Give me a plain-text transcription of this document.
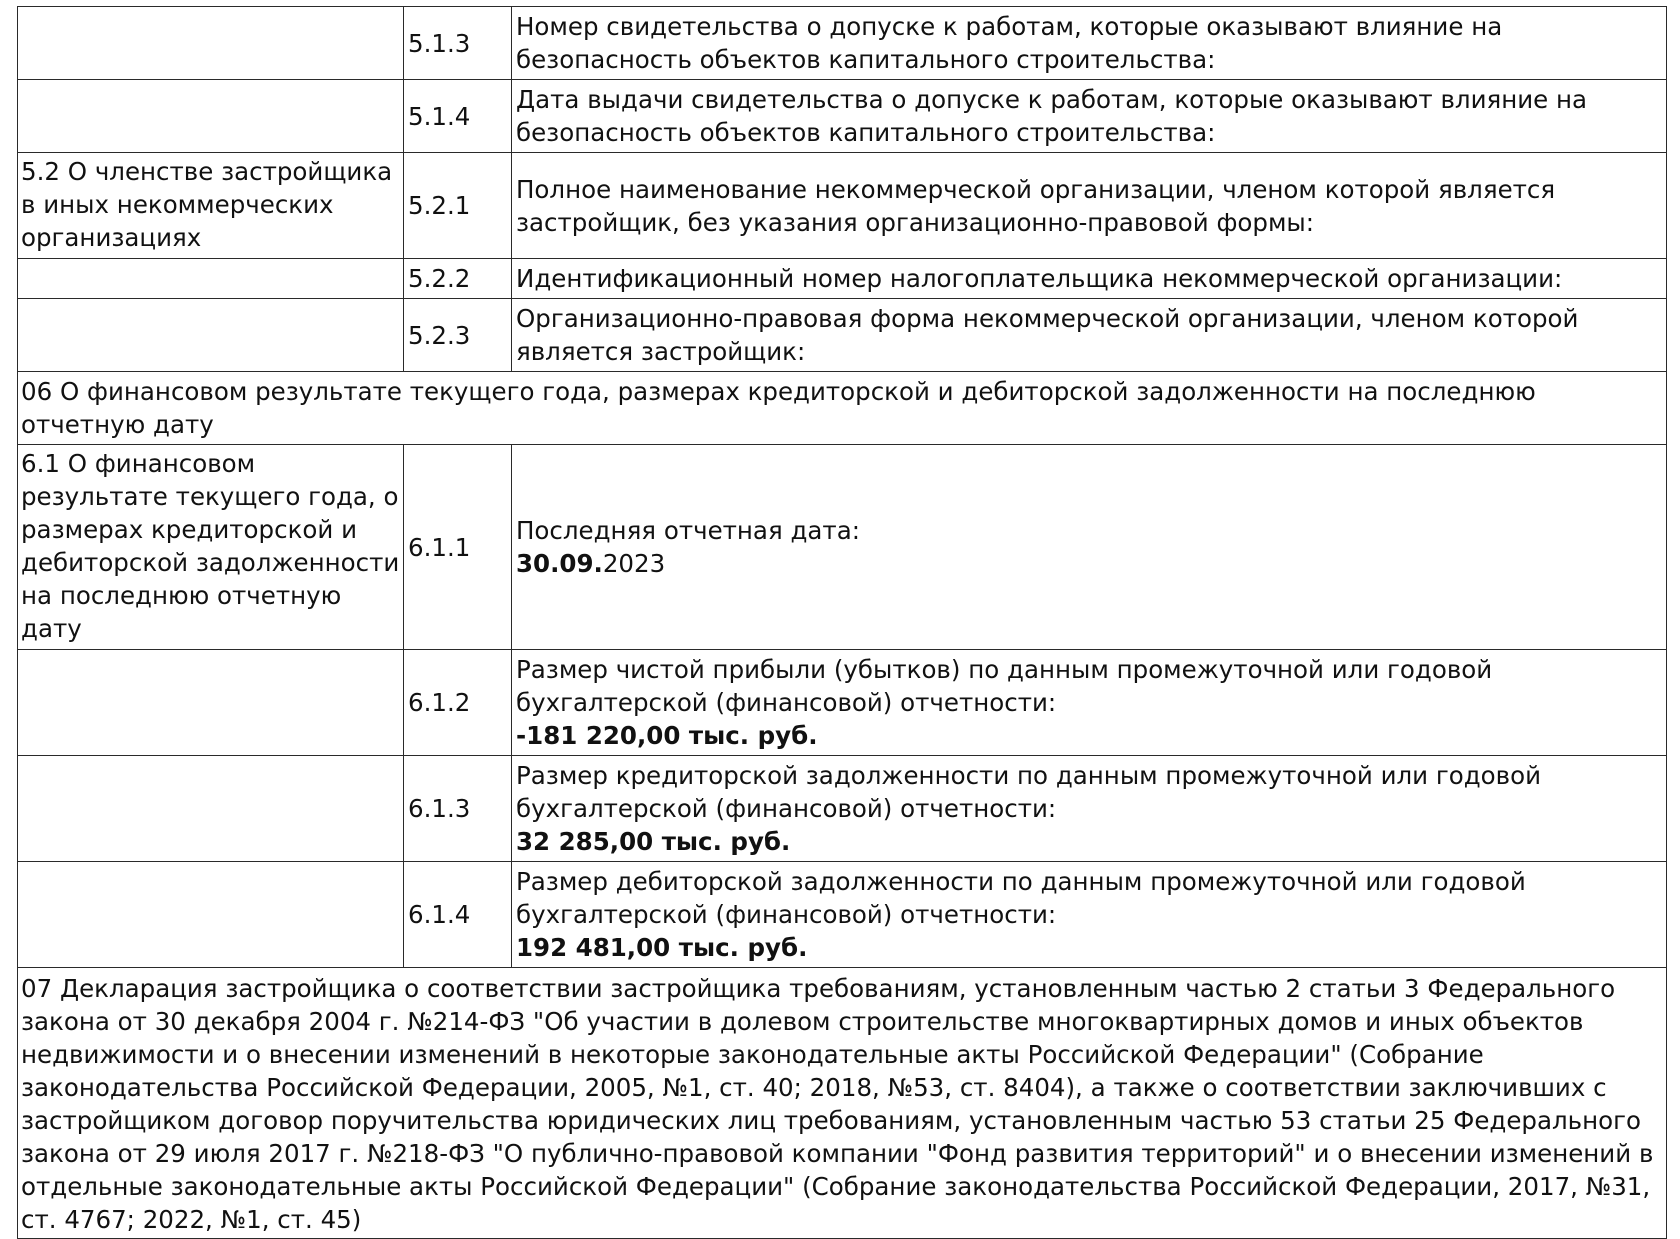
	5.1.3	Номер свидетельства о допуске к работам, которые оказывают влияние на безопасность объектов капитального строительства:
	5.1.4	Дата выдачи свидетельства о допуске к работам, которые оказывают влияние на безопасность объектов капитального строительства:
5.2 О членстве застройщика в иных некоммерческих организациях	5.2.1	Полное наименование некоммерческой организации, членом которой является застройщик, без указания организационно-правовой формы:
	5.2.2	Идентификационный номер налогоплательщика некоммерческой организации:
	5.2.3	Организационно-правовая форма некоммерческой организации, членом которой является застройщик:
06 О финансовом результате текущего года, размерах кредиторской и дебиторской задолженности на последнюю отчетную дату		
6.1 О финансовом результате текущего года, о размерах кредиторской и дебиторской задолженности на последнюю отчетную дату	6.1.1	Последняя отчетная дата:
30.09.2023

	6.1.2	Размер чистой прибыли (убытков) по данным промежуточной или годовой бухгалтерской (финансовой) отчетности:
-181 220,00 тыс. руб.

	6.1.3	Размер кредиторской задолженности по данным промежуточной или годовой бухгалтерской (финансовой) отчетности:
32 285,00 тыс. руб.

	6.1.4	Размер дебиторской задолженности по данным промежуточной или годовой бухгалтерской (финансовой) отчетности:
192 481,00 тыс. руб.

07 Декларация застройщика о соответствии застройщика требованиям, установленным частью 2 статьи 3 Федерального закона от 30 декабря 2004 г. №214-ФЗ "Об участии в долевом строительстве многоквартирных домов и иных объектов недвижимости и о внесении изменений в некоторые законодательные акты Российской Федерации" (Собрание законодательства Российской Федерации, 2005, №1, ст. 40; 2018, №53, ст. 8404), а также о соответствии заключивших с застройщиком договор поручительства юридических лиц требованиям, установленным частью 53 статьи 25 Федерального закона от 29 июля 2017 г. №218-ФЗ "О публично-правовой компании "Фонд развития территорий" и о внесении изменений в отдельные законодательные акты Российской Федерации" (Собрание законодательства Российской Федерации, 2017, №31, ст. 4767; 2022, №1, ст. 45)		
